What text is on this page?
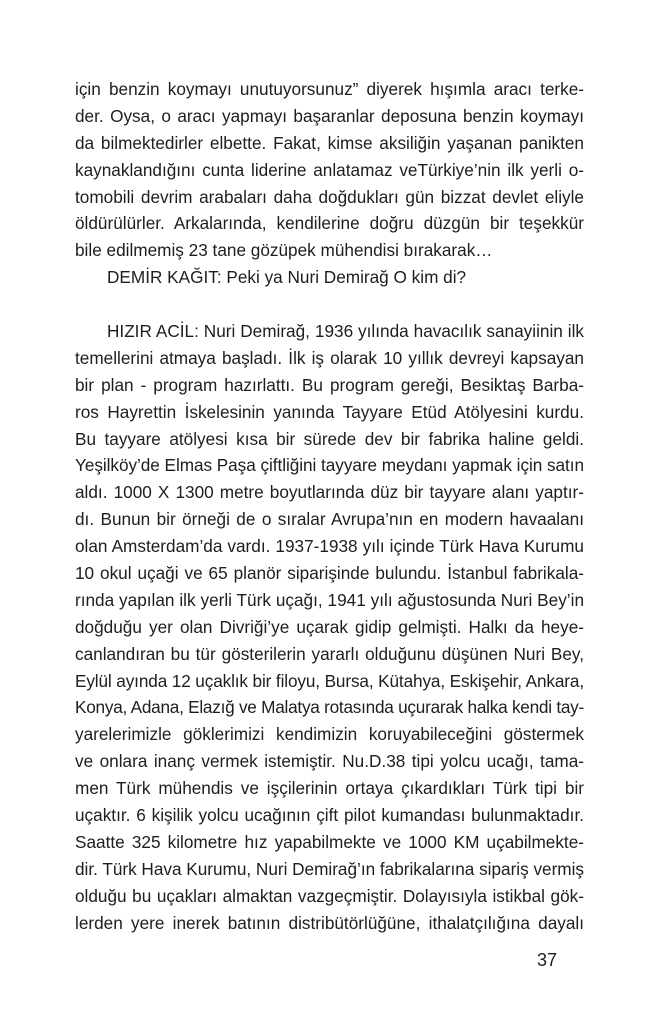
için benzin koymayı unutuyorsunuz” diyerek hışımla aracı terke-
der. Oysa, o aracı yapmayı başaranlar deposuna benzin koymayı
da bilmektedirler elbette. Fakat, kimse aksiliğin yaşanan panikten
kaynaklandığını cunta liderine anlatamaz veTürkiye’nin ilk yerli o-
tomobili devrim arabaları daha doğdukları gün bizzat devlet eliyle
öldürülürler. Arkalarında, kendilerine doğru düzgün bir teşekkür
bile edilmemiş 23 tane gözüpek mühendisi bırakarak…
DEMİR KAĞIT: Peki ya Nuri Demirağ O kim di?
HIZIR ACİL: Nuri Demirağ, 1936 yılında havacılık sanayiinin ilk
temellerini atmaya başladı. İlk iş olarak 10 yıllık devreyi kapsayan
bir plan - program hazırlattı. Bu program gereği, Besiktaş Barba-
ros Hayrettin İskelesinin yanında Tayyare Etüd Atölyesini kurdu.
Bu tayyare atölyesi kısa bir sürede dev bir fabrika haline geldi.
Yeşilköy’de Elmas Paşa çiftliğini tayyare meydanı yapmak için satın
aldı. 1000 X 1300 metre boyutlarında düz bir tayyare alanı yaptır-
dı. Bunun bir örneği de o sıralar Avrupa’nın en modern havaalanı
olan Amsterdam’da vardı. 1937-1938 yılı içinde Türk Hava Kurumu
10 okul uçaği ve 65 planör siparişinde bulundu. İstanbul fabrikala-
rında yapılan ilk yerli Türk uçağı, 1941 yılı ağustosunda Nuri Bey’in
doğduğu yer olan Divriği’ye uçarak gidip gelmişti. Halkı da heye-
canlandıran bu tür gösterilerin yararlı olduğunu düşünen Nuri Bey,
Eylül ayında 12 uçaklık bir filoyu, Bursa, Kütahya, Eskişehir, Ankara,
Konya, Adana, Elazığ ve Malatya rotasında uçurarak halka kendi tay-
yarelerimizle göklerimizi kendimizin koruyabileceğini göstermek
ve onlara inanç vermek istemiştir. Nu.D.38 tipi yolcu ucağı, tama-
men Türk mühendis ve işçilerinin ortaya çıkardıkları Türk tipi bir
uçaktır. 6 kişilik yolcu ucağının çift pilot kumandası bulunmaktadır.
Saatte 325 kilometre hız yapabilmekte ve 1000 KM uçabilmekte-
dir. Türk Hava Kurumu, Nuri Demirağ’ın fabrikalarına sipariş vermiş
olduğu bu uçakları almaktan vazgeçmiştir. Dolayısıyla istikbal gök-
lerden yere inerek batının distribütörlüğüne, ithalatçılığına dayalı
37
